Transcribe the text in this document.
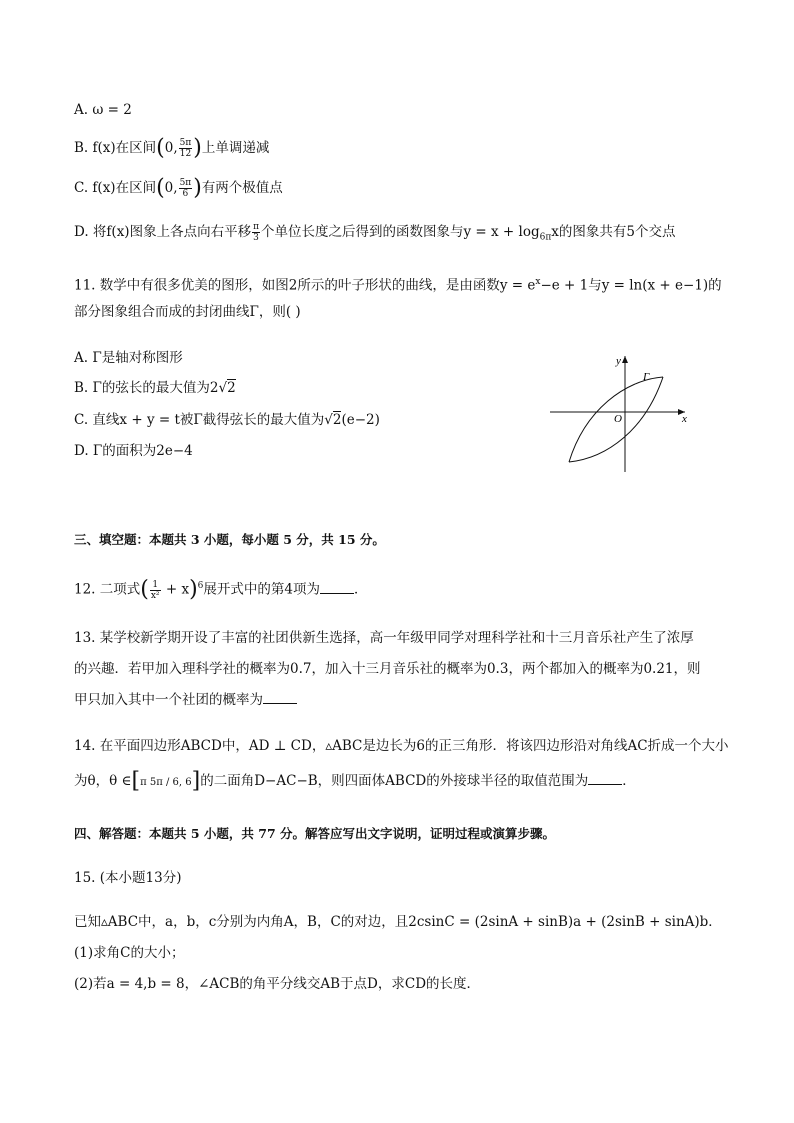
A. ω = 2
B. f(x)在区间(0, $\frac{5\pi}{12}$ )上单调递减
C. f(x)在区间(0, $\frac{5\pi}{6}$ )有两个极值点
D. 将f(x)图象上各点向右平移 $\frac{\pi}{3}$ 个单位长度之后得到的函数图象与$y = x + \log_{6\pi}x$的图象共有5个交点
11. 数学中有很多优美的图形，如图2所示的叶子形状的曲线，是由函数$y = e^x-e + 1$与y = ln(x + e−1)的
部分图象组合而成的封闭曲线Γ，则( )
A. Γ是轴对称图形
B. Γ的弦长的最大值为2√2
C. 直线x + y = t被Γ截得弦长的最大值为√2(e−2)
D. Γ的面积为2e−4
y
x
O
Γ
三、填空题：本题共 3 小题，每小题 5 分，共 15 分。
12. 二项式( $\frac{1}{\text{x²}} + x)^6$展开式中的第4项为	．
13. 某学校新学期开设了丰富的社团供新生选择，高一年级甲同学对理科学社和十三月音乐社产生了浓厚
的兴趣．若甲加入理科学社的概率为0.7，加入十三月音乐社的概率为0.3，两个都加入的概率为0.21，则
甲只加入其中一个社团的概率为
14. 在平面四边形ABCD中，AD ⊥ CD，▵ABC是边长为6的正三角形．将该四边形沿对角线AC折成一个大小
为θ，θ ∈[π 5π / 6, 6]的二面角D−AC−B，则四面体ABCD的外接球半径的取值范围为	．
四、解答题：本题共 5 小题，共 77 分。解答应写出文字说明，证明过程或演算步骤。
15. (本小题13分)
已知▵ABC中，a，b，c分别为内角A，B，C的对边，且2csinC = (2sinA + sinB)a + (2sinB + sinA)b．
(1)求角C的大小；
(2)若a = 4,b = 8，∠ACB的角平分线交AB于点D，求CD的长度．
